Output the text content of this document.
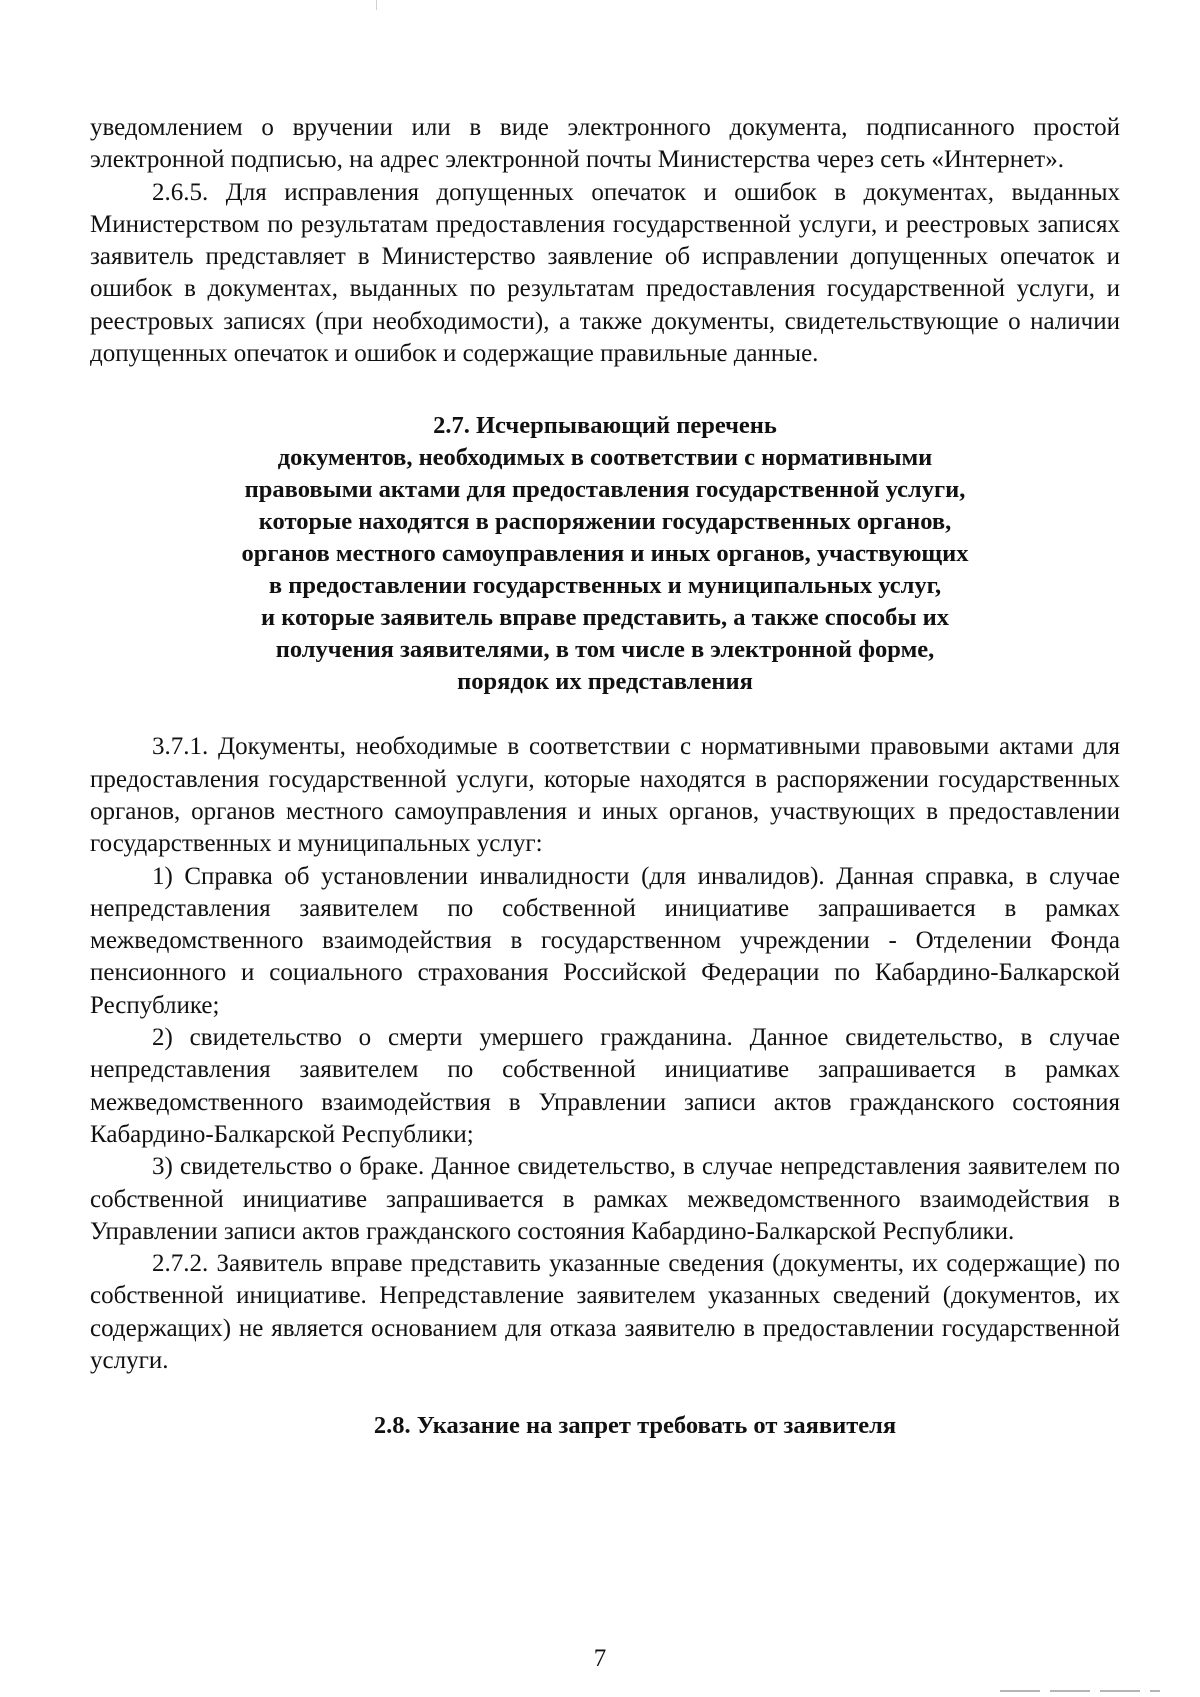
уведомлением о вручении или в виде электронного документа, подписанного простой электронной подписью, на адрес электронной почты Министерства через сеть «Интернет».

2.6.5. Для исправления допущенных опечаток и ошибок в документах, выданных Министерством по результатам предоставления государственной услуги, и реестровых записях заявитель представляет в Министерство заявление об исправлении допущенных опечаток и ошибок в документах, выданных по результатам предоставления государственной услуги, и реестровых записях (при необходимости), а также документы, свидетельствующие о наличии допущенных опечаток и ошибок и содержащие правильные данные.

2.7. Исчерпывающий перечень
документов, необходимых в соответствии с нормативными
правовыми актами для предоставления государственной услуги,
которые находятся в распоряжении государственных органов,
органов местного самоуправления и иных органов, участвующих
в предоставлении государственных и муниципальных услуг,
и которые заявитель вправе представить, а также способы их
получения заявителями, в том числе в электронной форме,
порядок их представления

3.7.1. Документы, необходимые в соответствии с нормативными правовыми актами для предоставления государственной услуги, которые находятся в распоряжении государственных органов, органов местного самоуправления и иных органов, участвующих в предоставлении государственных и муниципальных услуг:

1) Справка об установлении инвалидности (для инвалидов). Данная справка, в случае непредставления заявителем по собственной инициативе запрашивается в рамках межведомственного взаимодействия в государственном учреждении - Отделении Фонда пенсионного и социального страхования Российской Федерации по Кабардино-Балкарской Республике;

2) свидетельство о смерти умершего гражданина. Данное свидетельство, в случае непредставления заявителем по собственной инициативе запрашивается в рамках межведомственного взаимодействия в Управлении записи актов гражданского состояния Кабардино-Балкарской Республики;

3) свидетельство о браке. Данное свидетельство, в случае непредставления заявителем по собственной инициативе запрашивается в рамках межведомственного взаимодействия в Управлении записи актов гражданского состояния Кабардино-Балкарской Республики.

2.7.2. Заявитель вправе представить указанные сведения (документы, их содержащие) по собственной инициативе. Непредставление заявителем указанных сведений (документов, их содержащих) не является основанием для отказа заявителю в предоставлении государственной услуги.

2.8. Указание на запрет требовать от заявителя
7
